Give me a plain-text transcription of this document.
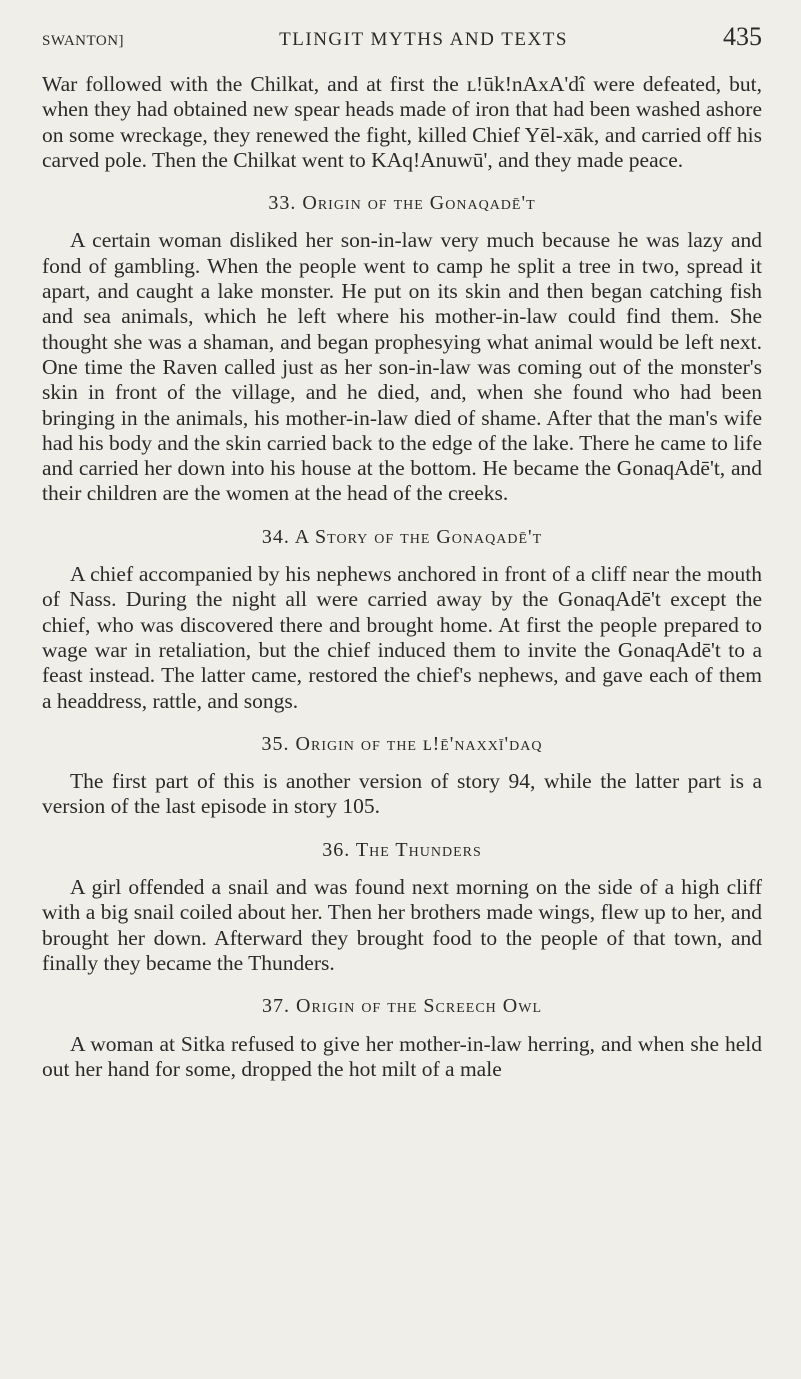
SWANTON]	TLINGIT MYTHS AND TEXTS	435

War followed with the Chilkat, and at first the ʟ!ūk!nAxA'dî were defeated, but, when they had obtained new spear heads made of iron that had been washed ashore on some wreckage, they renewed the fight, killed Chief Yēl-xāk, and carried off his carved pole. Then the Chilkat went to KAq!Anuwū', and they made peace.

33. Origin of the Gonaqadē't

A certain woman disliked her son-in-law very much because he was lazy and fond of gambling. When the people went to camp he split a tree in two, spread it apart, and caught a lake monster. He put on its skin and then began catching fish and sea animals, which he left where his mother-in-law could find them. She thought she was a shaman, and began prophesying what animal would be left next. One time the Raven called just as her son-in-law was coming out of the monster's skin in front of the village, and he died, and, when she found who had been bringing in the animals, his mother-in-law died of shame. After that the man's wife had his body and the skin carried back to the edge of the lake. There he came to life and carried her down into his house at the bottom. He became the GonaqAdē't, and their children are the women at the head of the creeks.

34. A Story of the Gonaqadē't

A chief accompanied by his nephews anchored in front of a cliff near the mouth of Nass. During the night all were carried away by the GonaqAdē't except the chief, who was discovered there and brought home. At first the people prepared to wage war in retaliation, but the chief induced them to invite the GonaqAdē't to a feast instead. The latter came, restored the chief's nephews, and gave each of them a headdress, rattle, and songs.

35. Origin of the ʟ!ē'naxxī'daq

The first part of this is another version of story 94, while the latter part is a version of the last episode in story 105.

36. The Thunders

A girl offended a snail and was found next morning on the side of a high cliff with a big snail coiled about her. Then her brothers made wings, flew up to her, and brought her down. Afterward they brought food to the people of that town, and finally they became the Thunders.

37. Origin of the Screech Owl

A woman at Sitka refused to give her mother-in-law herring, and when she held out her hand for some, dropped the hot milt of a male
